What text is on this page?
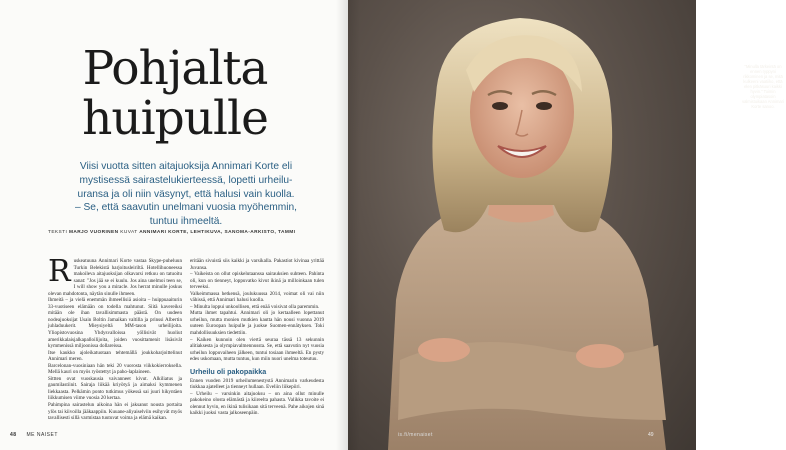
Pohjalta
huipulle
Viisi vuotta sitten aitajuoksija Annimari Korte eli mystisessä sairastelukierteessä, lopetti urheilu-uransa ja oli niin väsynyt, että halusi vain kuolla. – Se, että saavutin unelmani vuosia myöhemmin, tuntuu ihmeeltä.
TEKSTI MARJO VUORINEN KUVAT ANNIMARI KORTE, LEHTIKUVA, SANOMA-ARKISTO, TAMMI
R uskeatuuna Annimari Korte vastaa Skype-puheluun Turkin Belekistä harjoitusleiriltä. Hotellihuoneessa makoileva aitajuoksijan olkavarsi retkuu on tatuoitu sanat: "Jos jää se ei kuulu. Jos aina unelmoi teen se, I will show you a miracle. Jos herrat minulle joskus olevan mahdotonta, näytän sinulle ihmeen.

Ihmeitä – ja vielä enemmän ihmeellisiä asioita – huippuaaiturin 33-vuotiseen elämään on todella mahtunut. Siitä kavereiksi mitään ole ihan tavallisimmasta päästä. On uudeen nodeajuoksijat Usain Boltin Jamaikan valtilla ja prinssi Albertin juhladuukerit. Mieysiyeltä MM-tason urheilijoita. Yliopistovuosina Yhdysvalloissa yöllisivät huoliut amerikkalaisjalkapalloilijoita, joiden vuosittamenit lisäsivät kymmenissä miljoonissa dollareissa.

Itse kaukko ajoleikatuotaan tehtemällä joukkoharjoittelinut Annimari meren.

Barcelonan-vuosiniaan hän teki 20 vuorosta viikkokierroksella. Mellä kauri on myös ryöstettyt ja paho-laplaineen.

Sittten ovat vuoskausia vaivanneet kivut. Alkiliatus ja gaumilastiinit. Sairaja liikää kriyötyä ja aimaksi kymmenen liekkaasta. Pelkämin ponto tutkimus yökessä sai juuri hikyntäen liikkumisen viime vuosia 20 kertaa.

Pahimpina sairastelun aikoina hän ei jaksanut nousta portaita ylös tai kiivoilla jääkaappiin. Kuuane-aliyaiselviin esihyvät myös tavallisesti sillä varmistaa tuutuvat voima ja elämä kaikan.

eritään sivuistä siis kaikki ja varsikalla. Pakastiot kivinaa yrittää Juvansa.

– Vaikeista on ollut opiskelutaanssa sairauksien suhteen. Pahinta oli, kun on tienneyt, loppuvatko kivut ikinä ja milloinkaan tulen terveeksi.

Valkeimmassa hetkensä, joulukuussa 2014, voimat oli vai niin vähissä, että Annimari halusi kuolla.

– Minulta loppui unkoollisen, että enää voisivat olla paremmin.

Mutta ihmet tapahtui. Annimari oli jo kertaalleen lopettanut urheilun, mutta monien mutkien kautta hän nousi vuonna 2019 uuteen Euroopan huipulle ja juokse Suomen-ennätyksen. Toki mahdollisuuksien tiedettiin.

– Kaiken kunnoin olen viertä seuraa tässä 13 sekunnin alitiaksesta ja olympiavalmennussta. Se, että saavutin nyt vuosia urheilun loppuvaiheen jälkeen, tuntui tosiaan ihmeeltä. En pysty edes uskomaan, mutta tuntuu, kun miin nuori unelma toteutuu.

Urheilu oli pakopaikka

Ennen vuoden 2019 urheilumenestystä Annimarin varkeudesta tiukkaa ajatelleet ja tienneyt hullaan. Eveliin liikepiiri.

– Urheilu – varsinkin aitajuoksu – on aina ollut minulle pakokeino olosta elämästä ja kiireelta pahasta. Valikka tavoite ei olennut hyvin, en ikinä tulisikaan sitä terveenä. Pahe aikojen sinä kaikki juoksi vasta jalkoseenpäin.

48 ME NAISET

"Minulla tärkeintä on ennen ryppyni rikkominen ja se, mitä kulkeeni vaatiiko, että elen pitkäsuuri kaikki hyvin." Toimin olympiatasoin valmistuikaan Annimari Korte sanoo.

is.fi/menaiset	49
